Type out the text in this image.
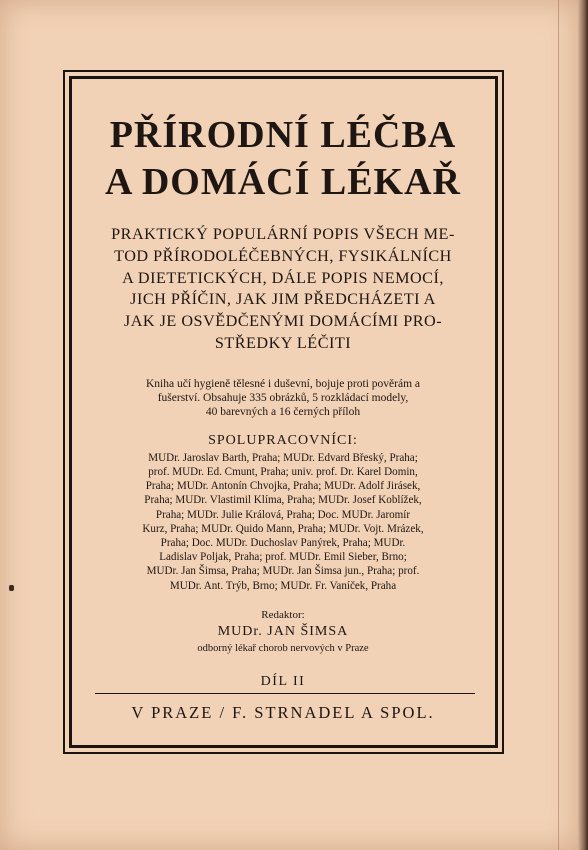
PŘÍRODNÍ LÉČBA
A DOMÁCÍ LÉKAŘ
PRAKTICKÝ POPULÁRNÍ POPIS VŠECH ME-
TOD PŘÍRODOLÉČEBNÝCH, FYSIKÁLNÍCH
A DIETETICKÝCH, DÁLE POPIS NEMOCÍ,
JICH PŘÍČIN, JAK JIM PŘEDCHÁZETI A
JAK JE OSVĚDČENÝMI DOMÁCÍMI PRO-
STŘEDKY LÉČITI
Kniha učí hygieně tělesné i duševní, bojuje proti pověrám a
fušerství. Obsahuje 335 obrázků, 5 rozkládací modely,
40 barevných a 16 černých příloh
SPOLUPRACOVNÍCI:
MUDr. Jaroslav Barth, Praha; MUDr. Edvard Břeský, Praha;
prof. MUDr. Ed. Cmunt, Praha; univ. prof. Dr. Karel Domin,
Praha; MUDr. Antonín Chvojka, Praha; MUDr. Adolf Jirásek,
Praha; MUDr. Vlastimil Klíma, Praha; MUDr. Josef Koblížek,
Praha; MUDr. Julie Králová, Praha; Doc. MUDr. Jaromír
Kurz, Praha; MUDr. Quido Mann, Praha; MUDr. Vojt. Mrázek,
Praha; Doc. MUDr. Duchoslav Panýrek, Praha; MUDr.
Ladislav Poljak, Praha; prof. MUDr. Emil Sieber, Brno;
MUDr. Jan Šimsa, Praha; MUDr. Jan Šimsa jun., Praha; prof.
MUDr. Ant. Trýb, Brno; MUDr. Fr. Vaníček, Praha
Redaktor:
MUDr. JAN ŠIMSA
odborný lékař chorob nervových v Praze
DÍL II
V PRAZE / F. STRNADEL A SPOL.
